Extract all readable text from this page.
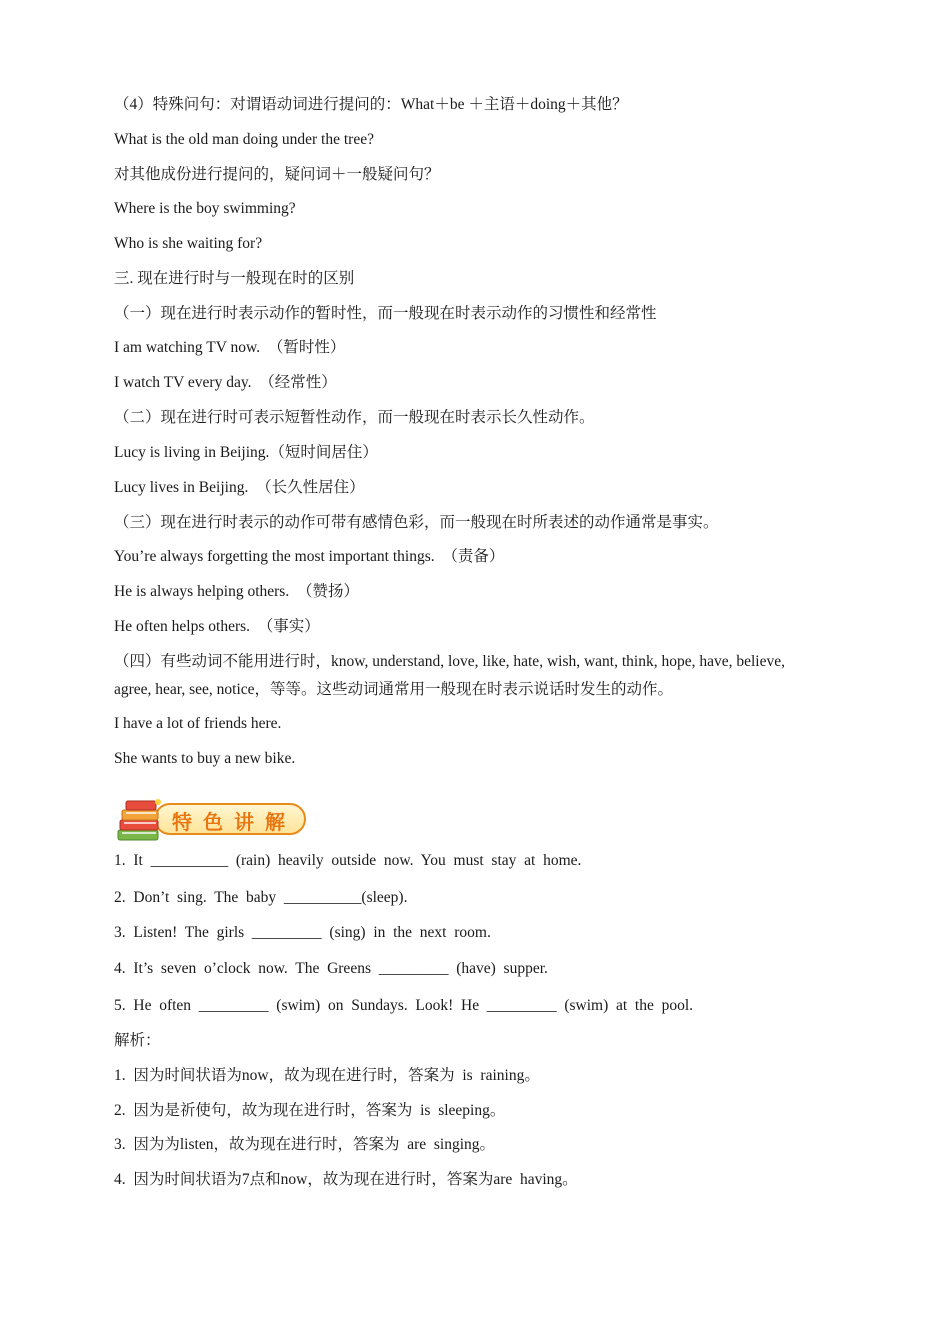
（4）特殊问句：对谓语动词进行提问的：What＋be ＋主语＋doing＋其他？
What is the old man doing under the tree?
对其他成份进行提问的，疑问词＋一般疑问句？
Where is the boy swimming?
Who is she waiting for?
三. 现在进行时与一般现在时的区别
（一）现在进行时表示动作的暂时性，而一般现在时表示动作的习惯性和经常性
I am watching TV now.  （暂时性）
I watch TV every day.  （经常性）
（二）现在进行时可表示短暂性动作，而一般现在时表示长久性动作。
Lucy is living in Beijing.（短时间居住）
Lucy lives in Beijing.  （长久性居住）
（三）现在进行时表示的动作可带有感情色彩，而一般现在时所表述的动作通常是事实。
You’re always forgetting the most important things.  （责备）
He is always helping others.  （赞扬）
He often helps others.  （事实）
（四）有些动词不能用进行时，know, understand, love, like, hate, wish, want, think, hope, have, believe, agree, hear, see, notice，等等。这些动词通常用一般现在时表示说话时发生的动作。
I have a lot of friends here.
She wants to buy a new bike.
特色讲解
1.  It  __________  (rain)  heavily  outside  now.  You  must  stay  at  home.
2.  Don’t  sing.  The  baby  __________(sleep).
3.  Listen!  The  girls  _________  (sing)  in  the  next  room.
4.  It’s  seven  o’clock  now.  The  Greens  _________  (have)  supper.
5.  He  often  _________  (swim)  on  Sundays.  Look!  He  _________  (swim)  at  the  pool.
解析：
1.  因为时间状语为now，故为现在进行时，答案为  is  raining。
2.  因为是祈使句，故为现在进行时，答案为  is  sleeping。
3.  因为为listen，故为现在进行时，答案为  are  singing。
4.  因为时间状语为7点和now，故为现在进行时，答案为are  having。
